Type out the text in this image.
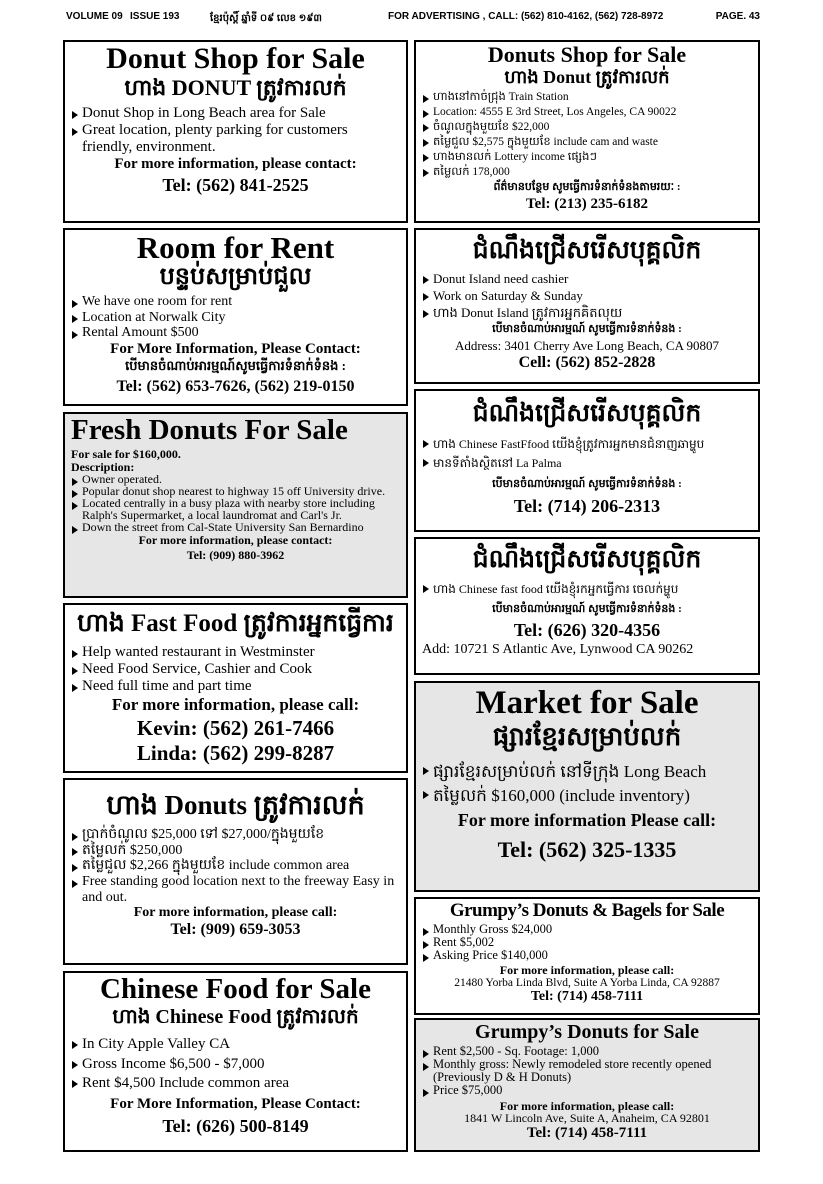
VOLUME 09 ISSUE 193	ខ្មែរប៉ុស្តិ៍ ឆ្នាំទី ០៩ លេខ ១៩៣	FOR ADVERTISING , CALL: (562) 810-4162, (562) 728-8972	PAGE. 43
Donut Shop for Sale
ហាង DONUT ត្រូវការលក់
Donut Shop in Long Beach area for Sale
Great location, plenty parking for customers friendly, environment.
For more information, please contact:
Tel: (562) 841-2525
Room for Rent
បន្ទប់សម្រាប់ជួល
We have one room for rent
Location at Norwalk City
Rental Amount $500
For More Information, Please Contact:
បើមានចំណាប់អារម្មណ៍សូមធ្វើការទំនាក់ទំនង :
Tel: (562) 653-7626, (562) 219-0150
Fresh Donuts For Sale
For sale for $160,000.
Description:
Owner operated.
Popular donut shop nearest to highway 15 off University drive.
Located centrally in a busy plaza with nearby store including Ralph's Supermarket, a local laundromat and Carl's Jr.
Down the street from Cal-State University San Bernardino
For more information, please contact:
Tel: (909) 880-3962
ហាង Fast Food ត្រូវការអ្នកធ្វើការ
Help wanted restaurant in Westminster
Need Food Service, Cashier and Cook
Need full time and part time
For more information, please call:
Kevin: (562) 261-7466
Linda: (562) 299-8287
ហាង Donuts ត្រូវការលក់
ប្រាក់ចំណូល $25,000 ទៅ $27,000/ក្នុងមួយខែ
តម្លៃលក់ $250,000
តម្លៃជួល $2,266 ក្នុងមួយខែ include common area
Free standing good location next to the freeway Easy in and out.
For more information, please call:
Tel: (909) 659-3053
Chinese Food for Sale
ហាង Chinese Food ត្រូវការលក់
In City Apple Valley CA
Gross Income $6,500 - $7,000
Rent $4,500 Include common area
For More Information, Please Contact:
Tel: (626) 500-8149
Donuts Shop for Sale
ហាង Donut ត្រូវការលក់
ហាងនៅកាច់ជ្រុង Train Station
Location: 4555 E 3rd Street, Los Angeles, CA 90022
ចំណូលក្នុងមួយខែ $22,000
តម្លៃជួល $2,575 ក្នុងមួយខែ include cam and waste
ហាងមានលក់ Lottery income ផ្សេងៗ
តម្លៃលក់ 178,000
ព័ត៌មានបន្ថែម សូមធ្វើការទំនាក់ទំនងតាមរយៈ :
Tel: (213) 235-6182
ជំណឹងជ្រើសរើសបុគ្គលិក
Donut Island need cashier
Work on Saturday & Sunday
ហាង Donut Island ត្រូវការអ្នកគិតលុយ
បើមានចំណាប់អារម្មណ៍ សូមធ្វើការទំនាក់ទំនង :
Address: 3401 Cherry Ave Long Beach, CA 90807
Cell: (562) 852-2828
ជំណឹងជ្រើសរើសបុគ្គលិក
ហាង Chinese FastFfood យើងខ្ញុំត្រូវការអ្នកមានជំនាញឆាម្ហូប
មានទីតាំងស្ថិតនៅ La Palma
បើមានចំណាប់អារម្មណ៍ សូមធ្វើការទំនាក់ទំនង :
Tel: (714) 206-2313
ជំណឹងជ្រើសរើសបុគ្គលិក
ហាង Chinese fast food យើងខ្ញុំរកអ្នកធ្វើការ ចេលក់ម្ហូប
បើមានចំណាប់អារម្មណ៍ សូមធ្វើការទំនាក់ទំនង :
Tel: (626) 320-4356
Add: 10721 S Atlantic Ave, Lynwood CA 90262
Market for Sale
ផ្សារខ្មែរសម្រាប់លក់
ផ្សារខ្មែរសម្រាប់លក់ នៅទីក្រុង Long Beach
តម្លៃលក់ $160,000 (include inventory)
For more information Please call:
Tel: (562) 325-1335
Grumpy’s Donuts & Bagels for Sale
Monthly Gross $24,000
Rent $5,002
Asking Price $140,000
For more information, please call:
21480 Yorba Linda Blvd, Suite A Yorba Linda, CA 92887
Tel: (714) 458-7111
Grumpy’s Donuts for Sale
Rent $2,500 - Sq. Footage: 1,000
Monthly gross: Newly remodeled store recently opened (Previously D & H Donuts)
Price $75,000
For more information, please call:
1841 W Lincoln Ave, Suite A, Anaheim, CA 92801
Tel: (714) 458-7111
